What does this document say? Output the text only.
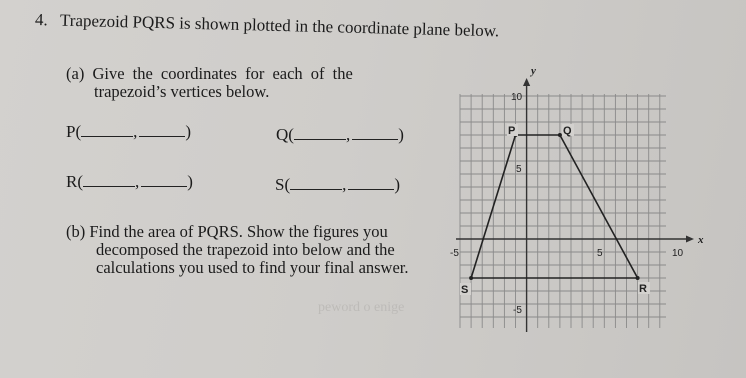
4. Trapezoid PQRS is shown plotted in the coordinate plane below.
(a) Give the coordinates for each of the
trapezoid’s vertices below.
P(	,	)	Q(	,	)
R(	,	)	S(	,	)
(b) Find the area of PQRS. Show the figures you
decomposed the trapezoid into below and the
calculations you used to find your final answer.
peword o enige
y
x
10
5
-5
-5	5	10
P	Q
R
S
